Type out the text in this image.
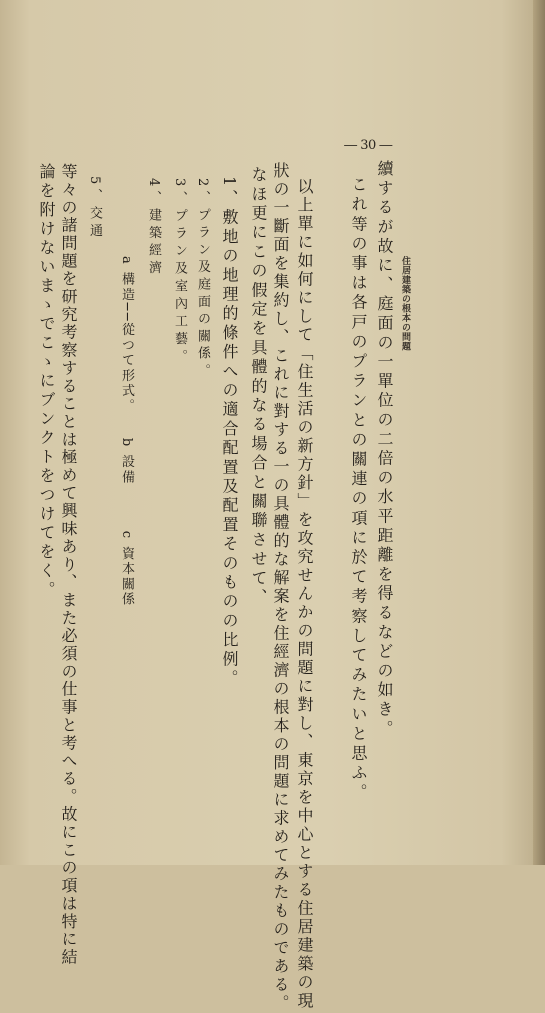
住居建築の根本の問題
― 30 ―
續するが故に、庭面の一單位の二倍の水平距離を得るなどの如き。
これ等の事は各戸のプランとの關連の項に於て考察してみたいと思ふ。
以上單に如何にして「住生活の新方針」を攻究せんかの問題に對し、東京を中心とする住居建築の現
狀の一斷面を集約し、これに對する一の具體的な解案を住經濟の根本の問題に求めてみたものである。
なほ更にこの假定を具體的なる場合と關聯させて、
1、敷地の地理的條件への適合配置及配置そのものの比例。
2、プラン及庭面の關係。
3、プラン及室內工藝。
4、建築經濟
a 構造──從つて形式。　　b 設備　　　c 資本關係
5、交通
等々の諸問題を研究考察することは極めて興味あり、また必須の仕事と考へる。故にこの項は特に結
論を附けないまゝでこゝにブンクトをつけてをく。
